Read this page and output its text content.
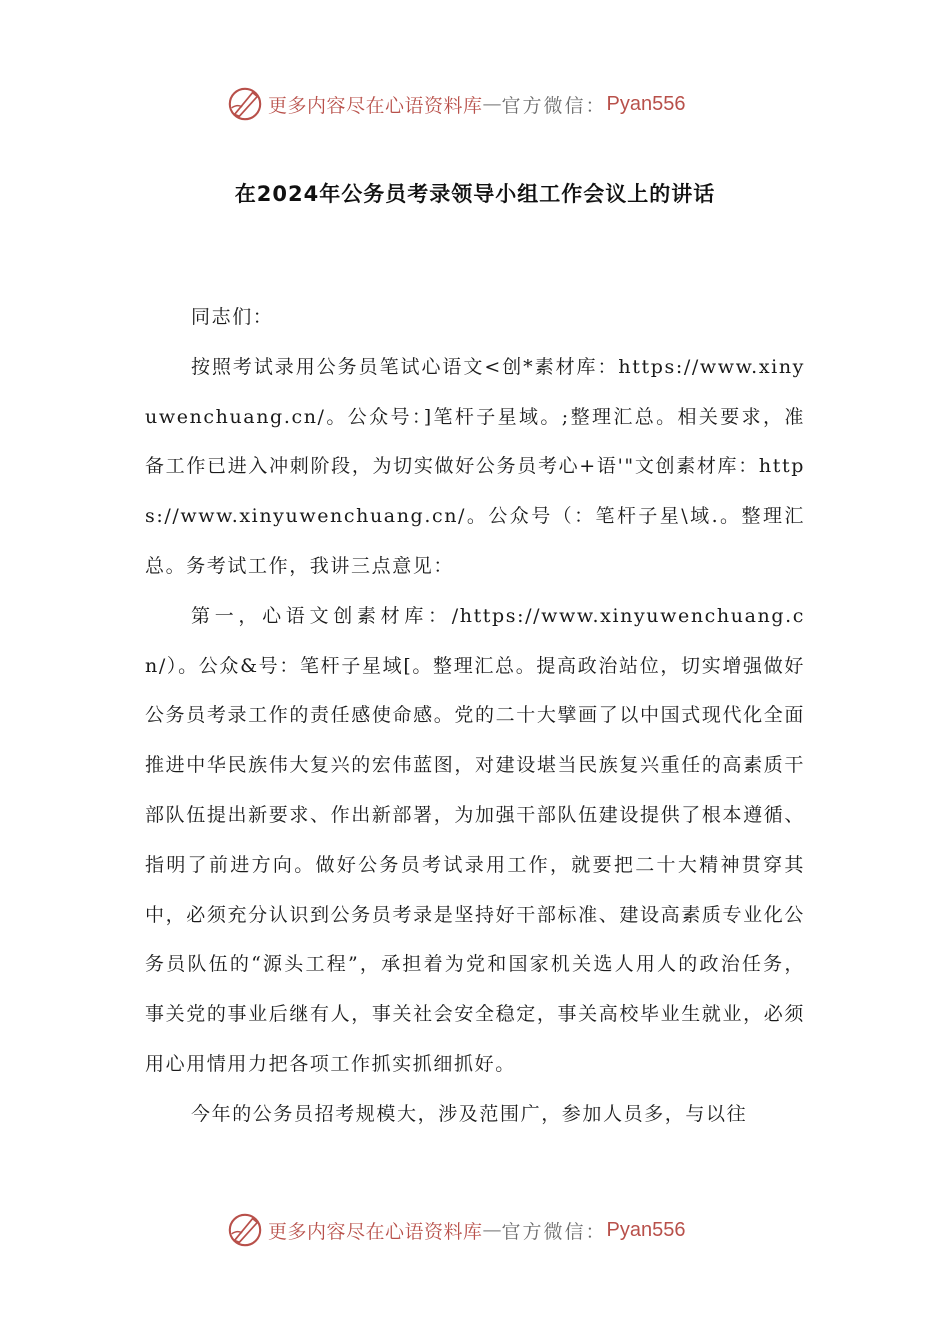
更多内容尽在心语资料库 — 官方微信： Pyan556
在2024年公务员考录领导小组工作会议上的讲话

同志们：

按照考试录用公务员笔试心语文<创*素材库：https://www.xinyuwenchuang.cn/。公众号：]笔杆子星域。;整理汇总。相关要求，准备工作已进入冲刺阶段，为切实做好公务员考心+语'"文创素材库：https://www.xinyuwenchuang.cn/。公众号（：笔杆子星\域.。整理汇总。务考试工作，我讲三点意见：

第一，心语文创素材库：/https://www.xinyuwenchuang.cn/）。公众&号：笔杆子星域[。整理汇总。提高政治站位，切实增强做好公务员考录工作的责任感使命感。党的二十大擘画了以中国式现代化全面推进中华民族伟大复兴的宏伟蓝图，对建设堪当民族复兴重任的高素质干部队伍提出新要求、作出新部署，为加强干部队伍建设提供了根本遵循、指明了前进方向。做好公务员考试录用工作，就要把二十大精神贯穿其中，必须充分认识到公务员考录是坚持好干部标准、建设高素质专业化公务员队伍的“源头工程”，承担着为党和国家机关选人用人的政治任务，事关党的事业后继有人，事关社会安全稳定，事关高校毕业生就业，必须用心用情用力把各项工作抓实抓细抓好。

今年的公务员招考规模大，涉及范围广，参加人员多，与以往

更多内容尽在心语资料库 — 官方微信： Pyan556
